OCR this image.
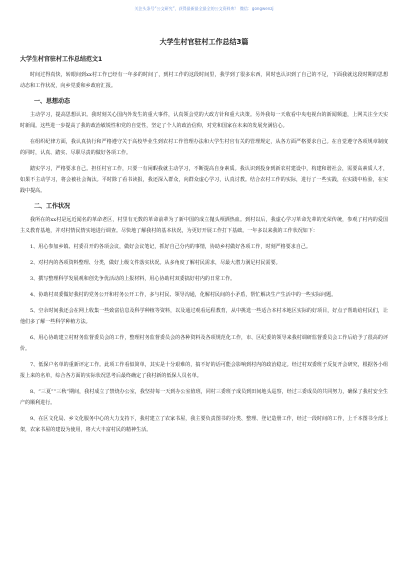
关注头条号“公文研究”，获得最新最全最全的公文资料库！ 微信：gongwenzj
大学生村官驻村工作总结3篇
大学生村官驻村工作总结范文1

时间过得真快，转眼间到xx村工作已经有一年多的时间了，到村工作的这段时间里，我学到了很多东西，同时也认识到了自己的不足，下面我就这段时期的思想动态和工作状况，向乡党委和乡政府汇报。

一、思想动态

主动学习，提高思想认识。我时刻关心国内外发生的重大事件，认真领会党的大政方针和重大决策。另外我每一天收看中央电视台的新闻频道，上网关注全天实时新闻。这些进一步提高了我的政治敏锐性和党的自觉性，坚定了个人的政治信仰，对党和国家在未来的发展充满信心。

在组织纪律方面，我认真执行和严格遵守关于高校毕业生到农村工作管理办法和大学生村官有关的管理规定，从各方面严格要求自己。在自觉遵守各项规章制度的同时，认真、踏实、尽职尽责的做好各项工作。

踏实学习，严格要求自己。担任村官工作，只要一有闲暇我就主动学习，不断提高自身素质。我认识到投身到新农村建设中，构建和谐社会，需要高素质人才，如果不主动学习，将会被社会淘汰。平时除了看书读报，我还深入群众，向群众虚心学习，认真讨教。结合农村工作的实际，进行了一些实践，在实践中检验，在实践中提高。

二、工作状况

我所在的xx村是远近闻名的革命老区，村里有无数的革命前辈为了新中国的成立抛头颅洒热血。到村以后，我虚心学习革命先辈的光荣传统，参观了村内的爱国主义教育基地，并对村情民情实地进行调查。尽快地了解我村的基本状况，为更好开展工作打下基础。一年多以来我的工作状况如下：

1、用心参加乡镇、村委召开的各项会议，做好会议笔记，抓好自己分内的事情，协助乡村做好各项工作，时刻严格要求自己。

2、对村内的各项资料整理、分类，做好上级文件落实状况。从多角度了解村民需求，尽最大潜力满足村民需要。

3、撰写整理科学发展观和创先争优活动的上报材料，用心协助村双委搞好村内的日常工作。

4、协助村双委做好我村的党务公开和村务公开工作，多与村民、领导沟通，化解村民间的小矛盾，帮忙解决生产生活中的一些实际问题。

5、空余时间我还会在网上收集一些致富信息及科学种植等资料，以及通过观看远程教育，从中挑选一些适合本村本地区实际的好项目，好点子帮助给村民们，让他们多了解一些科学种植方法。

6、用心协助建立村财务监督委员会的工作，整理村务监督委员会的各种资料及各项规范化工作，市、区纪委的领导来我村调研监督委员会工作后给予了很高的评价。

7、低保户名单的重新评定工作。此项工作看似简单，其实是十分艰难的，搞不好的话可能会影响到村内的政治稳定。经过村双委班子反复开会研究，根据各小组报上来的名单，综合各方面的实际状况思考后最终确定了我村新的低保人员名单。

8、“三夏”“三秋”期间，我村成立了禁烧办公室，我坚持每一天到办公室值班，同村三委班子成员到田间地头巡察，经过三委成员的共同努力，确保了我村安全生产的顺利进行。

9、在区文化局、乡文化服务中心的大力支持下，我村建立了农家书屋，我主要负责图书的分类、整理、登记造册工作，经过一段时间的工作，上千本图书全部上架，农家书屋的建设为使用，将大大丰富村民的精神生活。
